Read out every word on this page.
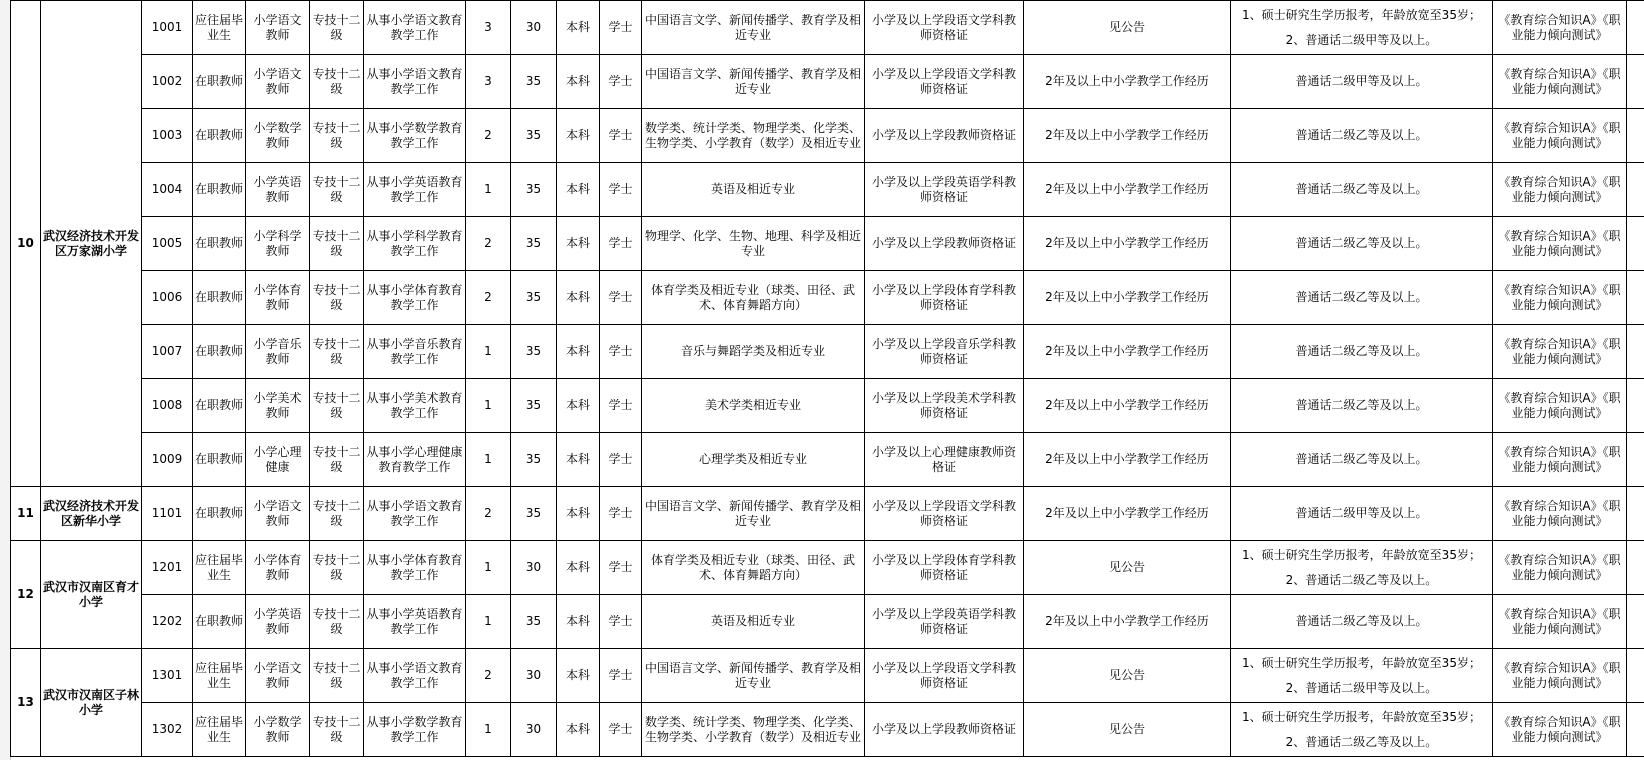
10	武汉经济技术开发区万家湖小学	1001	应往届毕业生	小学语文教师	专技十二级	从事小学语文教育教学工作	3	30	本科	学士	中国语言文学、新闻传播学、教育学及相近专业	小学及以上学段语文学科教师资格证	见公告	1、硕士研究生学历报考，年龄放宽至35岁；
2、普通话二级甲等及以上。	《教育综合知识A》《职业能力倾向测试》	
		1002	在职教师	小学语文教师	专技十二级	从事小学语文教育教学工作	3	35	本科	学士	中国语言文学、新闻传播学、教育学及相近专业	小学及以上学段语文学科教师资格证	2年及以上中小学教学工作经历	普通话二级甲等及以上。	《教育综合知识A》《职业能力倾向测试》	
		1003	在职教师	小学数学教师	专技十二级	从事小学数学教育教学工作	2	35	本科	学士	数学类、统计学类、物理学类、化学类、生物学类、小学教育（数学）及相近专业	小学及以上学段教师资格证	2年及以上中小学教学工作经历	普通话二级乙等及以上。	《教育综合知识A》《职业能力倾向测试》	
		1004	在职教师	小学英语教师	专技十二级	从事小学英语教育教学工作	1	35	本科	学士	英语及相近专业	小学及以上学段英语学科教师资格证	2年及以上中小学教学工作经历	普通话二级乙等及以上。	《教育综合知识A》《职业能力倾向测试》	
		1005	在职教师	小学科学教师	专技十二级	从事小学科学教育教学工作	2	35	本科	学士	物理学、化学、生物、地理、科学及相近专业	小学及以上学段教师资格证	2年及以上中小学教学工作经历	普通话二级乙等及以上。	《教育综合知识A》《职业能力倾向测试》	
		1006	在职教师	小学体育教师	专技十二级	从事小学体育教育教学工作	2	35	本科	学士	体育学类及相近专业（球类、田径、武术、体育舞蹈方向）	小学及以上学段体育学科教师资格证	2年及以上中小学教学工作经历	普通话二级乙等及以上。	《教育综合知识A》《职业能力倾向测试》	
		1007	在职教师	小学音乐教师	专技十二级	从事小学音乐教育教学工作	1	35	本科	学士	音乐与舞蹈学类及相近专业	小学及以上学段音乐学科教师资格证	2年及以上中小学教学工作经历	普通话二级乙等及以上。	《教育综合知识A》《职业能力倾向测试》	
		1008	在职教师	小学美术教师	专技十二级	从事小学美术教育教学工作	1	35	本科	学士	美术学类相近专业	小学及以上学段美术学科教师资格证	2年及以上中小学教学工作经历	普通话二级乙等及以上。	《教育综合知识A》《职业能力倾向测试》	
		1009	在职教师	小学心理健康	专技十二级	从事小学心理健康教育教学工作	1	35	本科	学士	心理学类及相近专业	小学及以上心理健康教师资格证	2年及以上中小学教学工作经历	普通话二级乙等及以上。	《教育综合知识A》《职业能力倾向测试》	
11	武汉经济技术开发区新华小学	1101	在职教师	小学语文教师	专技十二级	从事小学语文教育教学工作	2	35	本科	学士	中国语言文学、新闻传播学、教育学及相近专业	小学及以上学段语文学科教师资格证	2年及以上中小学教学工作经历	普通话二级甲等及以上。	《教育综合知识A》《职业能力倾向测试》	
12	武汉市汉南区育才小学	1201	应往届毕业生	小学体育教师	专技十二级	从事小学体育教育教学工作	1	30	本科	学士	体育学类及相近专业（球类、田径、武术、体育舞蹈方向）	小学及以上学段体育学科教师资格证	见公告	1、硕士研究生学历报考，年龄放宽至35岁；
2、普通话二级乙等及以上。	《教育综合知识A》《职业能力倾向测试》	
		1202	在职教师	小学英语教师	专技十二级	从事小学英语教育教学工作	1	35	本科	学士	英语及相近专业	小学及以上学段英语学科教师资格证	2年及以上中小学教学工作经历	普通话二级乙等及以上。	《教育综合知识A》《职业能力倾向测试》	
13	武汉市汉南区子林小学	1301	应往届毕业生	小学语文教师	专技十二级	从事小学语文教育教学工作	2	30	本科	学士	中国语言文学、新闻传播学、教育学及相近专业	小学及以上学段语文学科教师资格证	见公告	1、硕士研究生学历报考，年龄放宽至35岁；
2、普通话二级甲等及以上。	《教育综合知识A》《职业能力倾向测试》	
		1302	应往届毕业生	小学数学教师	专技十二级	从事小学数学教育教学工作	1	30	本科	学士	数学类、统计学类、物理学类、化学类、生物学类、小学教育（数学）及相近专业	小学及以上学段教师资格证	见公告	1、硕士研究生学历报考，年龄放宽至35岁；
2、普通话二级乙等及以上。	《教育综合知识A》《职业能力倾向测试》	
